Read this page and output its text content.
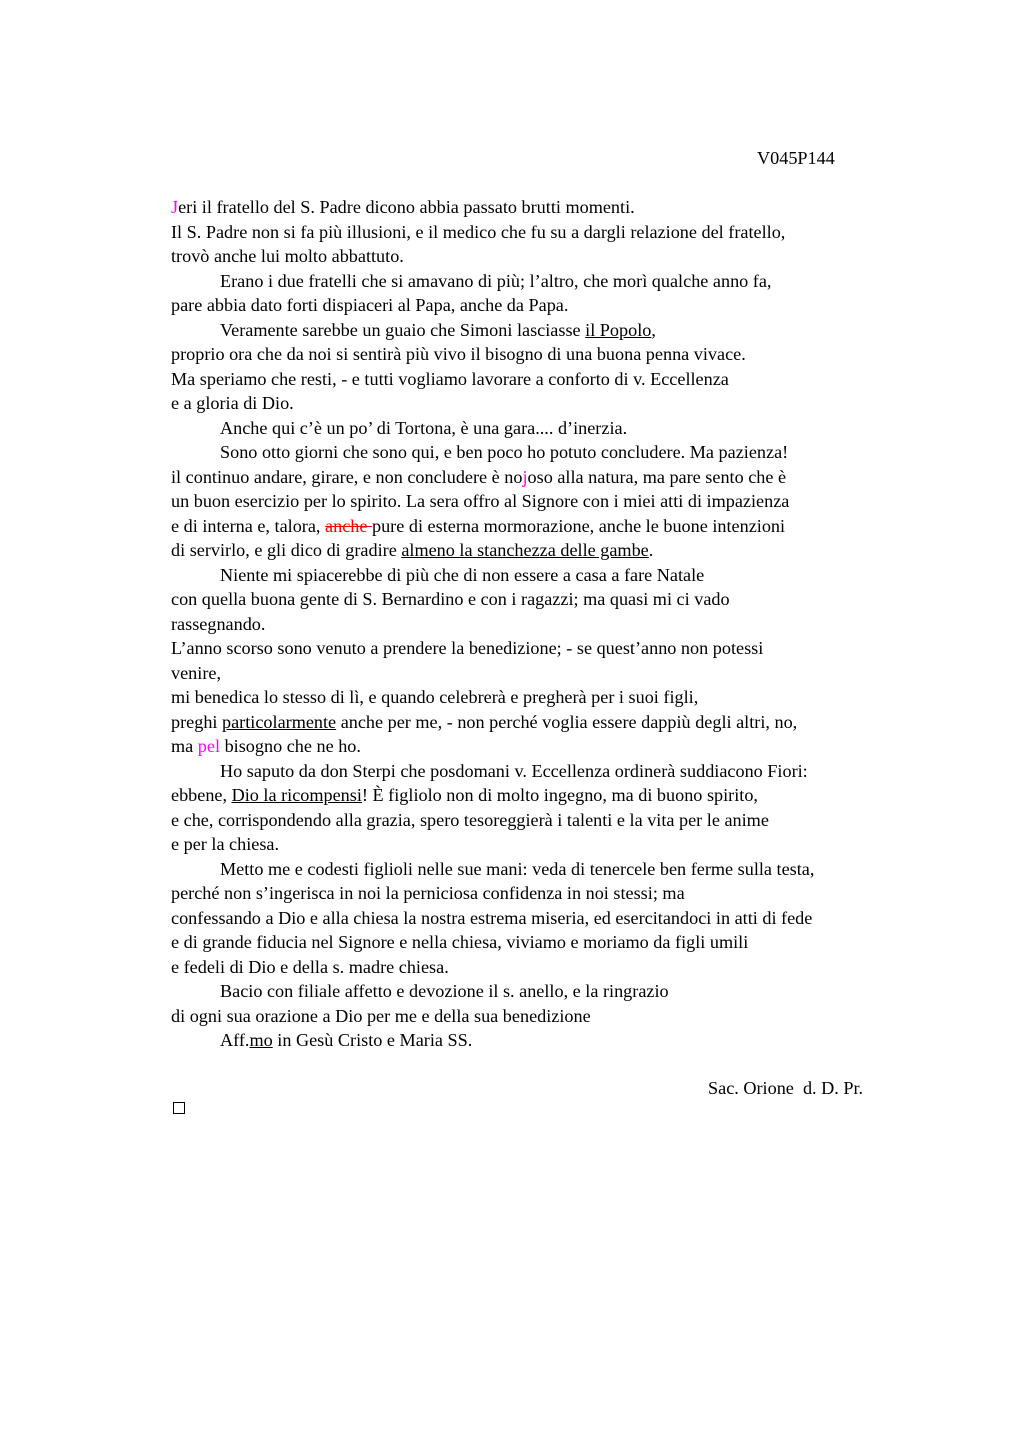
V045P144
Jeri il fratello del S. Padre dicono abbia passato brutti momenti.
Il S. Padre non si fa più illusioni, e il medico che fu su a dargli relazione del fratello,
trovò anche lui molto abbattuto.
Erano i due fratelli che si amavano di più; l’altro, che morì qualche anno fa,
pare abbia dato forti dispiaceri al Papa, anche da Papa.
Veramente sarebbe un guaio che Simoni lasciasse il Popolo,
proprio ora che da noi si sentirà più vivo il bisogno di una buona penna vivace.
Ma speriamo che resti, - e tutti vogliamo lavorare a conforto di v. Eccellenza
e a gloria di Dio.
Anche qui c’è un po’ di Tortona, è una gara.... d’inerzia.
Sono otto giorni che sono qui, e ben poco ho potuto concludere. Ma pazienza!
il continuo andare, girare, e non concludere è nojoso alla natura, ma pare sento che è
un buon esercizio per lo spirito. La sera offro al Signore con i miei atti di impazienza
e di interna e, talora, anche pure di esterna mormorazione, anche le buone intenzioni
di servirlo, e gli dico di gradire almeno la stanchezza delle gambe.
Niente mi spiacerebbe di più che di non essere a casa a fare Natale
con quella buona gente di S. Bernardino e con i ragazzi; ma quasi mi ci vado
rassegnando.
L’anno scorso sono venuto a prendere la benedizione; - se quest’anno non potessi
venire,
mi benedica lo stesso di lì, e quando celebrerà e pregherà per i suoi figli,
preghi particolarmente anche per me, - non perché voglia essere dappiù degli altri, no,
ma pel bisogno che ne ho.
Ho saputo da don Sterpi che posdomani v. Eccellenza ordinerà suddiacono Fiori:
ebbene, Dio la ricompensi! È figliolo non di molto ingegno, ma di buono spirito,
e che, corrispondendo alla grazia, spero tesoreggierà i talenti e la vita per le anime
e per la chiesa.
Metto me e codesti figlioli nelle sue mani: veda di tenercele ben ferme sulla testa,
perché non s’ingerisca in noi la perniciosa confidenza in noi stessi; ma
confessando a Dio e alla chiesa la nostra estrema miseria, ed esercitandoci in atti di fede
e di grande fiducia nel Signore e nella chiesa, viviamo e moriamo da figli umili
e fedeli di Dio e della s. madre chiesa.
Bacio con filiale affetto e devozione il s. anello, e la ringrazio
di ogni sua orazione a Dio per me e della sua benedizione
Aff.mo in Gesù Cristo e Maria SS.
Sac. Orione  d. D. Pr.
